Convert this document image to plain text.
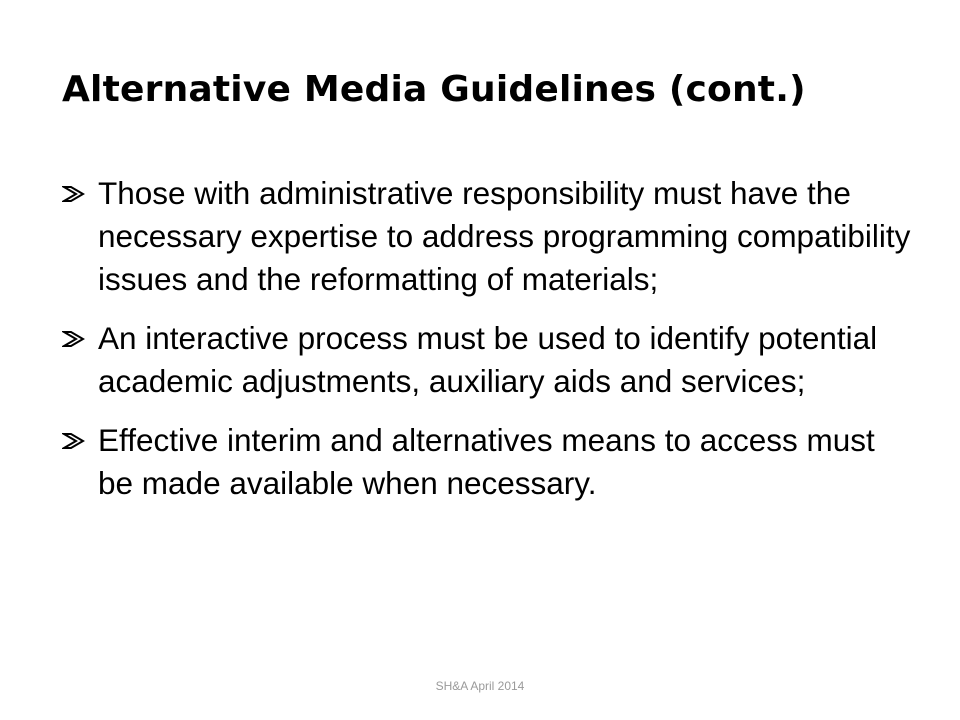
Alternative Media Guidelines (cont.)
Those with administrative responsibility must have the necessary expertise to address programming compatibility issues and the reformatting of materials;
An interactive process must be used to identify potential academic adjustments, auxiliary aids and services;
Effective interim and alternatives means to access must be made available when necessary.
SH&A April 2014
